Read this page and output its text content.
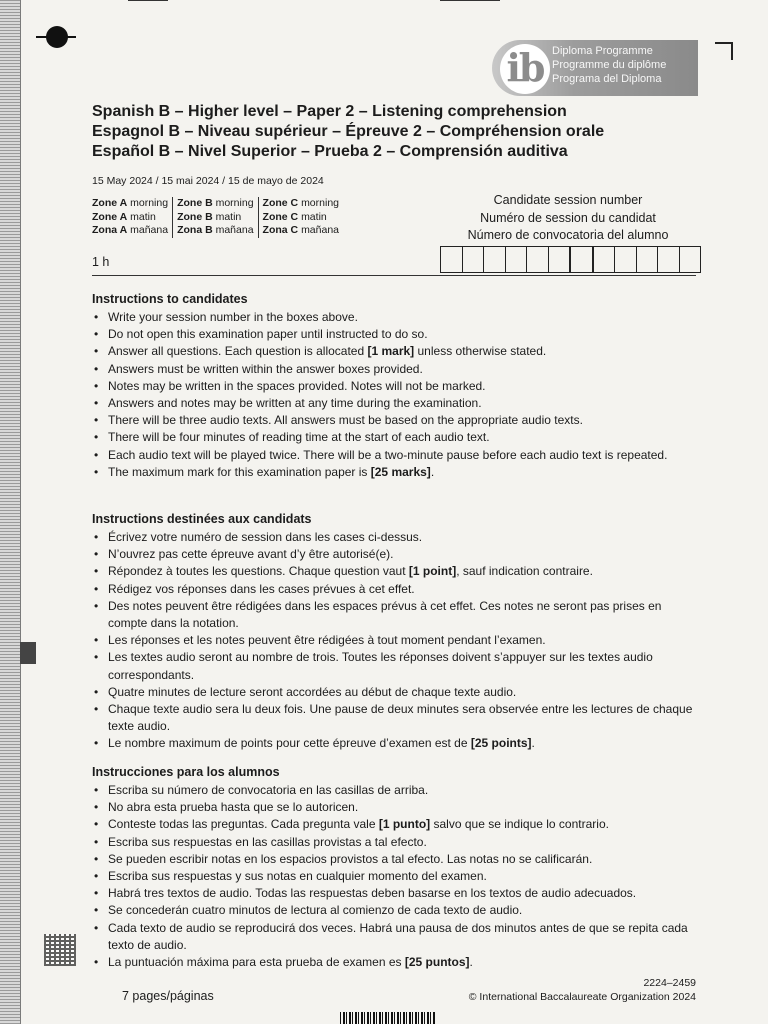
ib Diploma Programme
Programme du diplôme
Programa del Diploma
Spanish B – Higher level – Paper 2 – Listening comprehension
Espagnol B – Niveau supérieur – Épreuve 2 – Compréhension orale
Español B – Nivel Superior – Prueba 2 – Comprensión auditiva
15 May 2024 / 15 mai 2024 / 15 de mayo de 2024
Zone A morning	Zone B morning	Zone C morning
Zone A matin	Zone B matin	Zone C matin
Zona A mañana	Zona B mañana	Zona C mañana
Candidate session number
Numéro de session du candidat
Número de convocatoria del alumno
1 h
Instructions to candidates
• Write your session number in the boxes above.
• Do not open this examination paper until instructed to do so.
• Answer all questions. Each question is allocated [1 mark] unless otherwise stated.
• Answers must be written within the answer boxes provided.
• Notes may be written in the spaces provided. Notes will not be marked.
• Answers and notes may be written at any time during the examination.
• There will be three audio texts. All answers must be based on the appropriate audio texts.
• There will be four minutes of reading time at the start of each audio text.
• Each audio text will be played twice. There will be a two-minute pause before each audio text is repeated.
• The maximum mark for this examination paper is [25 marks].
Instructions destinées aux candidats
• Écrivez votre numéro de session dans les cases ci-dessus.
• N’ouvrez pas cette épreuve avant d’y être autorisé(e).
• Répondez à toutes les questions. Chaque question vaut [1 point], sauf indication contraire.
• Rédigez vos réponses dans les cases prévues à cet effet.
• Des notes peuvent être rédigées dans les espaces prévus à cet effet. Ces notes ne seront pas prises en compte dans la notation.
• Les réponses et les notes peuvent être rédigées à tout moment pendant l’examen.
• Les textes audio seront au nombre de trois. Toutes les réponses doivent s’appuyer sur les textes audio correspondants.
• Quatre minutes de lecture seront accordées au début de chaque texte audio.
• Chaque texte audio sera lu deux fois. Une pause de deux minutes sera observée entre les lectures de chaque texte audio.
• Le nombre maximum de points pour cette épreuve d’examen est de [25 points].
Instrucciones para los alumnos
• Escriba su número de convocatoria en las casillas de arriba.
• No abra esta prueba hasta que se lo autoricen.
• Conteste todas las preguntas. Cada pregunta vale [1 punto] salvo que se indique lo contrario.
• Escriba sus respuestas en las casillas provistas a tal efecto.
• Se pueden escribir notas en los espacios provistos a tal efecto. Las notas no se calificarán.
• Escriba sus respuestas y sus notas en cualquier momento del examen.
• Habrá tres textos de audio. Todas las respuestas deben basarse en los textos de audio adecuados.
• Se concederán cuatro minutos de lectura al comienzo de cada texto de audio.
• Cada texto de audio se reproducirá dos veces. Habrá una pausa de dos minutos antes de que se repita cada texto de audio.
• La puntuación máxima para esta prueba de examen es [25 puntos].
2224–2459
7 pages/páginas	© International Baccalaureate Organization 2024
